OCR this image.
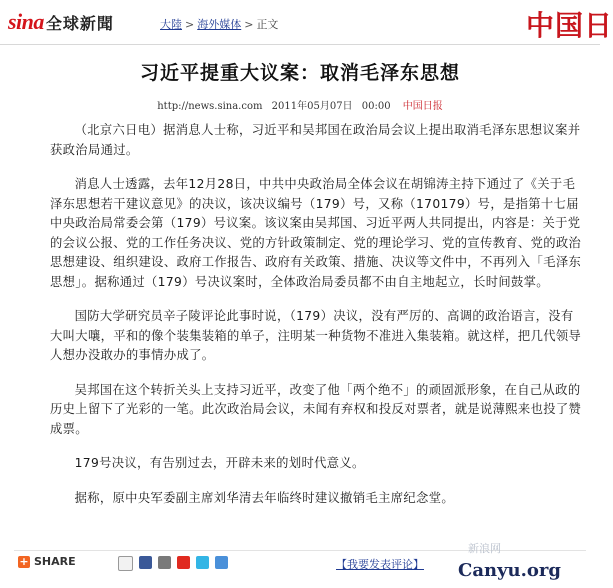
sina 全球新聞	大陸 > 海外媒体 > 正文	中国日
习近平提重大议案：取消毛泽东思想
http://news.sina.com 2011年05月07日 00:00 中国日报

（北京六日电）据消息人士称，习近平和吴邦国在政治局会议上提出取消毛泽东思想议案并获政治局通过。

消息人士透露，去年12月28日，中共中央政治局全体会议在胡锦涛主持下通过了《关于毛泽东思想若干建议意见》的决议，该决议编号（179）号，又称（170179）号，是指第十七届中央政治局常委会第（179）号议案。该议案由吴邦国、习近平两人共同提出，内容是：关于党的会议公报、党的工作任务决议、党的方针政策制定、党的理论学习、党的宣传教育、党的政治思想建设、组织建设、政府工作报告、政府有关政策、措施、决议等文件中，不再列入「毛泽东思想」。据称通过（179）号决议案时，全体政治局委员都不由自主地起立，长时间鼓掌。

国防大学研究员辛子陵评论此事时说，（179）决议，没有严厉的、高调的政治语言，没有大叫大嚷，平和的像个装集装箱的单子，注明某一种货物不准进入集装箱。就这样，把几代领导人想办没敢办的事情办成了。

吴邦国在这个转折关头上支持习近平，改变了他「两个绝不」的顽固派形象，在自己从政的历史上留下了光彩的一笔。此次政治局会议，未闻有弃权和投反对票者，就是说薄熙来也投了赞成票。

179号决议，有告别过去，开辟未来的划时代意义。

据称，原中央军委副主席刘华清去年临终时建议撤销毛主席纪念堂。

+ SHARE	【我要发表评论】
新浪网
Canyu.org
